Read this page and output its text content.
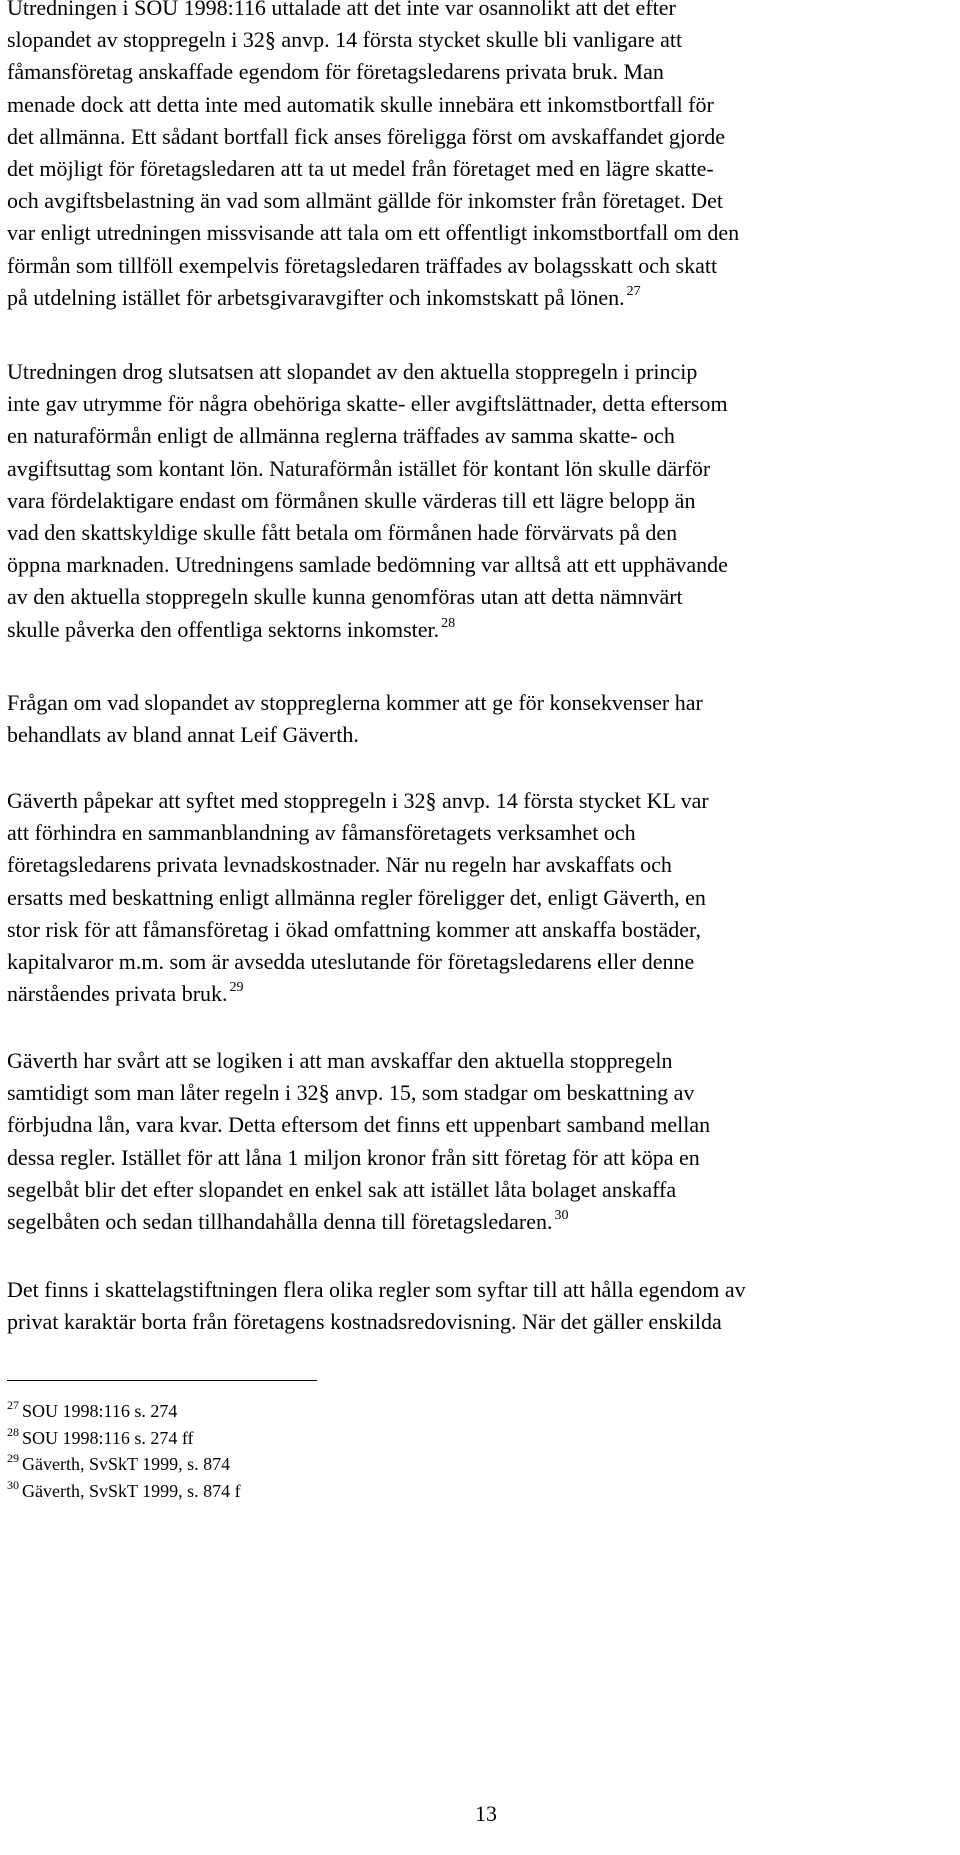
Utredningen i SOU 1998:116 uttalade att det inte var osannolikt att det efter
slopandet av stoppregeln i 32§ anvp. 14 första stycket skulle bli vanligare att
fåmansföretag anskaffade egendom för företagsledarens privata bruk. Man
menade dock att detta inte med automatik skulle innebära ett inkomstbortfall för
det allmänna. Ett sådant bortfall fick anses föreligga först om avskaffandet gjorde
det möjligt för företagsledaren att ta ut medel från företaget med en lägre skatte-
och avgiftsbelastning än vad som allmänt gällde för inkomster från företaget. Det
var enligt utredningen missvisande att tala om ett offentligt inkomstbortfall om den
förmån som tillföll exempelvis företagsledaren träffades av bolagsskatt och skatt
på utdelning istället för arbetsgivaravgifter och inkomstskatt på lönen. $^{27}$

Utredningen drog slutsatsen att slopandet av den aktuella stoppregeln i princip
inte gav utrymme för några obehöriga skatte- eller avgiftslättnader, detta eftersom
en naturaförmån enligt de allmänna reglerna träffades av samma skatte- och
avgiftsuttag som kontant lön. Naturaförmån istället för kontant lön skulle därför
vara fördelaktigare endast om förmånen skulle värderas till ett lägre belopp än
vad den skattskyldige skulle fått betala om förmånen hade förvärvats på den
öppna marknaden. Utredningens samlade bedömning var alltså att ett upphävande
av den aktuella stoppregeln skulle kunna genomföras utan att detta nämnvärt
skulle påverka den offentliga sektorns inkomster. $^{28}$

Frågan om vad slopandet av stoppreglerna kommer att ge för konsekvenser har
behandlats av bland annat Leif Gäverth.

Gäverth påpekar att syftet med stoppregeln i 32§ anvp. 14 första stycket KL var
att förhindra en sammanblandning av fåmansföretagets verksamhet och
företagsledarens privata levnadskostnader. När nu regeln har avskaffats och
ersatts med beskattning enligt allmänna regler föreligger det, enligt Gäverth, en
stor risk för att fåmansföretag i ökad omfattning kommer att anskaffa bostäder,
kapitalvaror m.m. som är avsedda uteslutande för företagsledarens eller denne
närståendes privata bruk. $^{29}$

Gäverth har svårt att se logiken i att man avskaffar den aktuella stoppregeln
samtidigt som man låter regeln i 32§ anvp. 15, som stadgar om beskattning av
förbjudna lån, vara kvar. Detta eftersom det finns ett uppenbart samband mellan
dessa regler. Istället för att låna 1 miljon kronor från sitt företag för att köpa en
segelbåt blir det efter slopandet en enkel sak att istället låta bolaget anskaffa
segelbåten och sedan tillhandahålla denna till företagsledaren. $^{30}$

Det finns i skattelagstiftningen flera olika regler som syftar till att hålla egendom av
privat karaktär borta från företagens kostnadsredovisning. När det gäller enskilda

$^{27}$ SOU 1998:116 s. 274
$^{28}$ SOU 1998:116 s. 274 ff
$^{29}$ Gäverth, SvSkT 1999, s. 874
$^{30}$ Gäverth, SvSkT 1999, s. 874 f
13
